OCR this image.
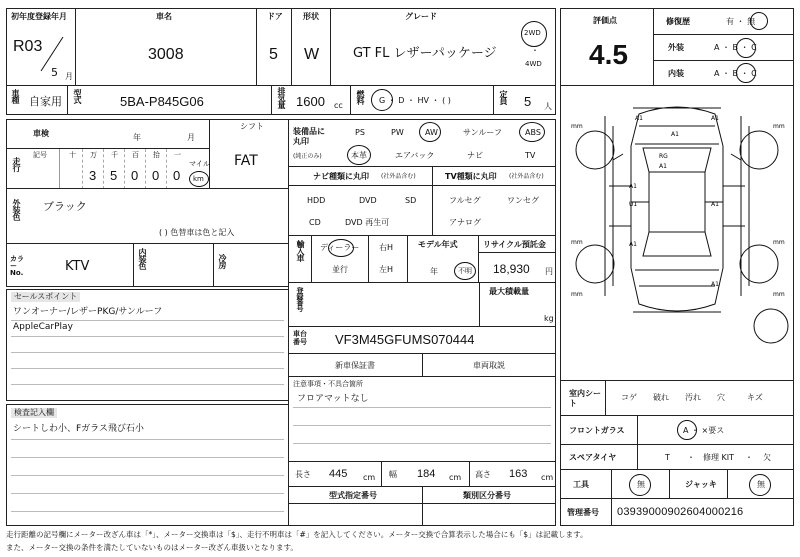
初年度登録年月
R03
5 月
車名
3008
ドア
5
形状
W
グレード
GT FL レザーパッケージ
2WD
・
4WD
評価点
4.5
修復歴	有 ・ 無
外装	A ・ B ・ C
内装	A ・ B ・ C
車種 自家用 型式	5BA-P845G06	排気量 1600 cc
燃料 G ・ D ・ HV ・ ( )	定員 5 人
車検	年	月
シフト
FAT
走行
記号
マイル
km
十 万
3
千
5
百
0
拾
0
一
0
外装色 ブラック
( ) 色替車は色と記入
カラーNo.	KTV	内装色	冷房
セールスポイント
ワンオーナー/レザーPKG/サンルーフ
AppleCarPlay
検査記入欄
シートしわ小、Fガラス飛び石小
装備品に丸印
(純正のみ)
PS	PW	AW	サンルーフ	ABS
本革	エアバック	ナビ	TV
ナビ種類に丸印 (社外品含む)
HDD	DVD	SD
CD	DVD 再生可
TV種類に丸印 (社外品含む)
フルセグ	ワンセグ
アナログ
輸入車 ディーラー
並行
右H
左H
モデル年式
年	不明
リサイクル預託金
18,930 円
登録番号	最大積載量
kg
車台番号	VF3M45GFUMS070444
新車保証書	車両取説
注意事項・不具合箇所
フロアマットなし
長さ 445 cm 幅 184 cm 高さ 163 cm
型式指定番号	類別区分番号
A1	A1
A1
A1
A1
U1	A1
A1
A1
RG
mm	mm
mm	mm
mm	mm
室内シート
コゲ 破れ 汚れ 穴	キズ
フロントガラス	A ・ ×要ス
スペアタイヤ	T ・ 修理 KIT ・ 欠
工具	無	ジャッキ	無
管理番号 03939000902604000216
走行距離の記号欄にメーター改ざん車は「*」、メーター交換車は「$」、走行不明車は「#」を記入してください。メーター交換で合算表示した場合にも「$」は記載します。
また、メーター交換の条件を満たしていないものはメーター改ざん車扱いとなります。
